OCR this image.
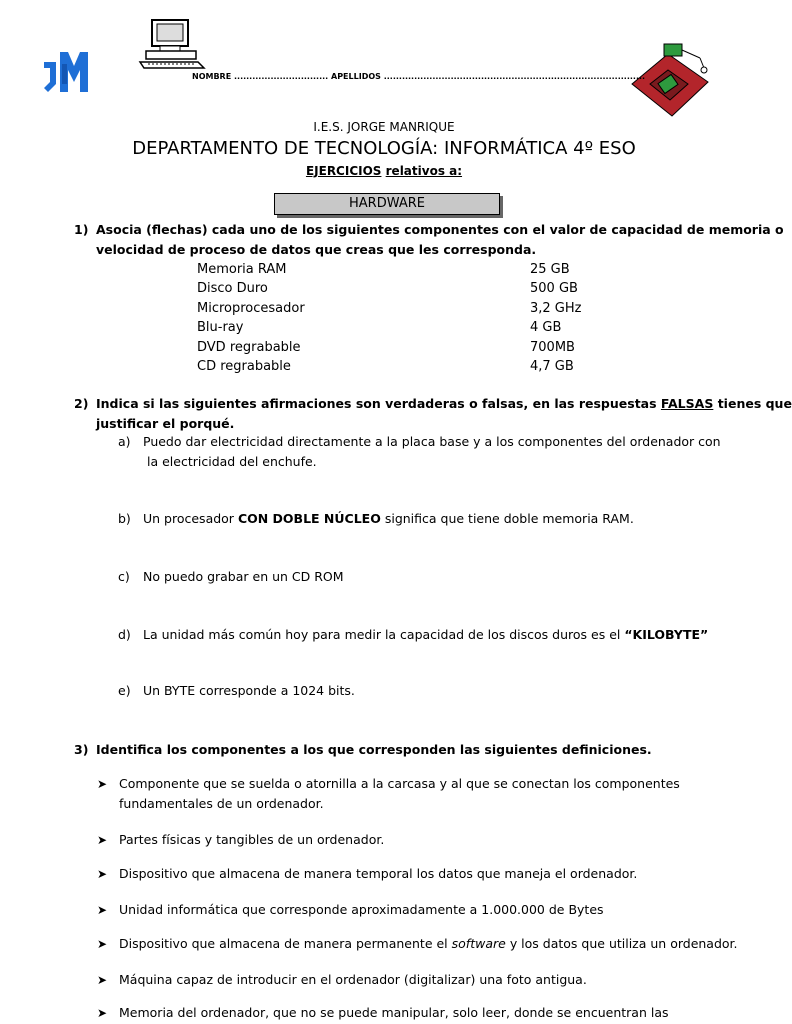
NOMBRE ............................... APELLIDOS ......................................................................................
I.E.S. JORGE MANRIQUE
DEPARTAMENTO DE TECNOLOGÍA: INFORMÁTICA 4º ESO
EJERCICIOS relativos a:
HARDWARE
1) Asocia (flechas) cada uno de los siguientes componentes con el valor de capacidad de memoria o
velocidad de proceso de datos que creas que les corresponda.
Memoria RAM
Disco Duro
Microprocesador
Blu-ray
DVD regrabable
CD regrabable
25 GB
500 GB
3,2 GHz
4 GB
700MB
4,7 GB
2) Indica si las siguientes afirmaciones son verdaderas o falsas, en las respuestas FALSAS tienes que
justificar el porqué.
a) Puedo dar electricidad directamente a la placa base y a los componentes del ordenador con
la electricidad del enchufe.
b) Un procesador CON DOBLE NÚCLEO significa que tiene doble memoria RAM.
c) No puedo grabar en un CD ROM
d) La unidad más común hoy para medir la capacidad de los discos duros es el “KILOBYTE”
e) Un BYTE corresponde a 1024 bits.
3) Identifica los componentes a los que corresponden las siguientes definiciones.
➤ Componente que se suelda o atornilla a la carcasa y al que se conectan los componentes
fundamentales de un ordenador.
➤ Partes físicas y tangibles de un ordenador.
➤ Dispositivo que almacena de manera temporal los datos que maneja el ordenador.
➤ Unidad informática que corresponde aproximadamente a 1.000.000 de Bytes
➤ Dispositivo que almacena de manera permanente el software y los datos que utiliza un ordenador.
➤ Máquina capaz de introducir en el ordenador (digitalizar) una foto antigua.
➤ Memoria del ordenador, que no se puede manipular, solo leer, donde se encuentran las
